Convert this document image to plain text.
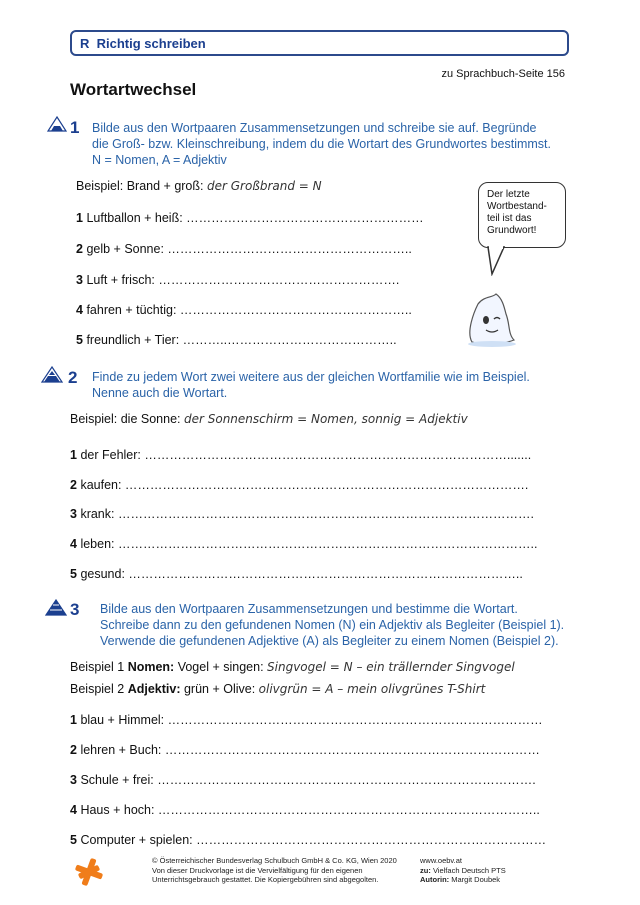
R Richtig schreiben
zu Sprachbuch-Seite 156
Wortartwechsel
1 Bilde aus den Wortpaaren Zusammensetzungen und schreibe sie auf. Begründe
die Groß- bzw. Kleinschreibung, indem du die Wortart des Grundwortes bestimmst.
N = Nomen, A = Adjektiv
Beispiel: Brand + groß: der Großbrand = N
1 Luftballon + heiß: …………………………………………………
2 gelb + Sonne: …………………………………………………..
3 Luft + frisch: ………………………………………………….
4 fahren + tüchtig: ………………………………………………..
5 freundlich + Tier: ………..…………………………………..
Der letzte Wortbestand-teil ist das Grundwort!
2 Finde zu jedem Wort zwei weitere aus der gleichen Wortfamilie wie im Beispiel.
Nenne auch die Wortart.
Beispiel: die Sonne: der Sonnenschirm = Nomen, sonnig = Adjektiv
1 der Fehler: …………………………………………………………………………….......
2 kaufen: …………………………………………………………………………………….
3 krank: ……………………………………………………………………………………….
4 leben: ………………………………………………………………………………………..
5 gesund: …………………………………………………………………………………..
3 Bilde aus den Wortpaaren Zusammensetzungen und bestimme die Wortart.
Schreibe dann zu den gefundenen Nomen (N) ein Adjektiv als Begleiter (Beispiel 1).
Verwende die gefundenen Adjektive (A) als Begleiter zu einem Nomen (Beispiel 2).
Beispiel 1 Nomen: Vogel + singen: Singvogel = N – ein trällernder Singvogel
Beispiel 2 Adjektiv: grün + Olive: olivgrün = A – mein olivgrünes T-Shirt
1 blau + Himmel: ………………………………………………………………………………
2 lehren + Buch: ………………………………………………………………………………
3 Schule + frei: ……………………………………………………………………………….
4 Haus + hoch: ………………………………………………………………………………..
5 Computer + spielen: …………………………………………………………………………
© Österreichischer Bundesverlag Schulbuch GmbH & Co. KG, Wien 2020
Von dieser Druckvorlage ist die Vervielfältigung für den eigenen
Unterrichtsgebrauch gestattet. Die Kopiergebühren sind abgegolten.
www.oebv.at
zu: Vielfach Deutsch PTS
Autorin: Margit Doubek
